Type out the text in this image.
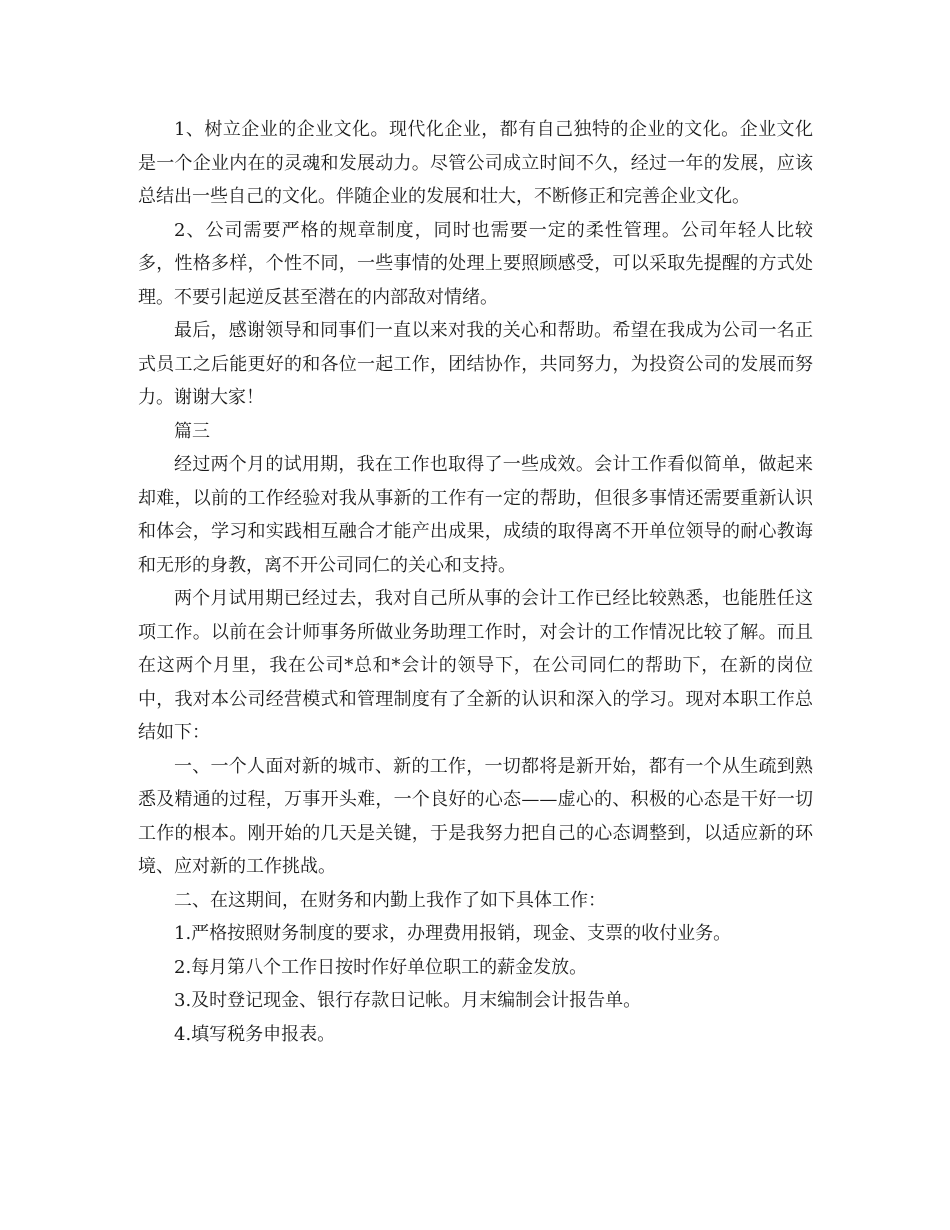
1、树立企业的企业文化。现代化企业，都有自己独特的企业的文化。企业文化是一个企业内在的灵魂和发展动力。尽管公司成立时间不久，经过一年的发展，应该总结出一些自己的文化。伴随企业的发展和壮大，不断修正和完善企业文化。

2、公司需要严格的规章制度，同时也需要一定的柔性管理。公司年轻人比较多，性格多样，个性不同，一些事情的处理上要照顾感受，可以采取先提醒的方式处理。不要引起逆反甚至潜在的内部敌对情绪。

最后，感谢领导和同事们一直以来对我的关心和帮助。希望在我成为公司一名正式员工之后能更好的和各位一起工作，团结协作，共同努力，为投资公司的发展而努力。谢谢大家！

篇三

经过两个月的试用期，我在工作也取得了一些成效。会计工作看似简单，做起来却难，以前的工作经验对我从事新的工作有一定的帮助，但很多事情还需要重新认识和体会，学习和实践相互融合才能产出成果，成绩的取得离不开单位领导的耐心教诲和无形的身教，离不开公司同仁的关心和支持。

两个月试用期已经过去，我对自己所从事的会计工作已经比较熟悉，也能胜任这项工作。以前在会计师事务所做业务助理工作时，对会计的工作情况比较了解。而且在这两个月里，我在公司*总和*会计的领导下，在公司同仁的帮助下，在新的岗位中，我对本公司经营模式和管理制度有了全新的认识和深入的学习。现对本职工作总结如下：

一、一个人面对新的城市、新的工作，一切都将是新开始，都有一个从生疏到熟悉及精通的过程，万事开头难，一个良好的心态——虚心的、积极的心态是干好一切工作的根本。刚开始的几天是关键，于是我努力把自己的心态调整到，以适应新的环境、应对新的工作挑战。

二、在这期间，在财务和内勤上我作了如下具体工作：

1.严格按照财务制度的要求，办理费用报销，现金、支票的收付业务。

2.每月第八个工作日按时作好单位职工的薪金发放。

3.及时登记现金、银行存款日记帐。月末编制会计报告单。

4.填写税务申报表。
